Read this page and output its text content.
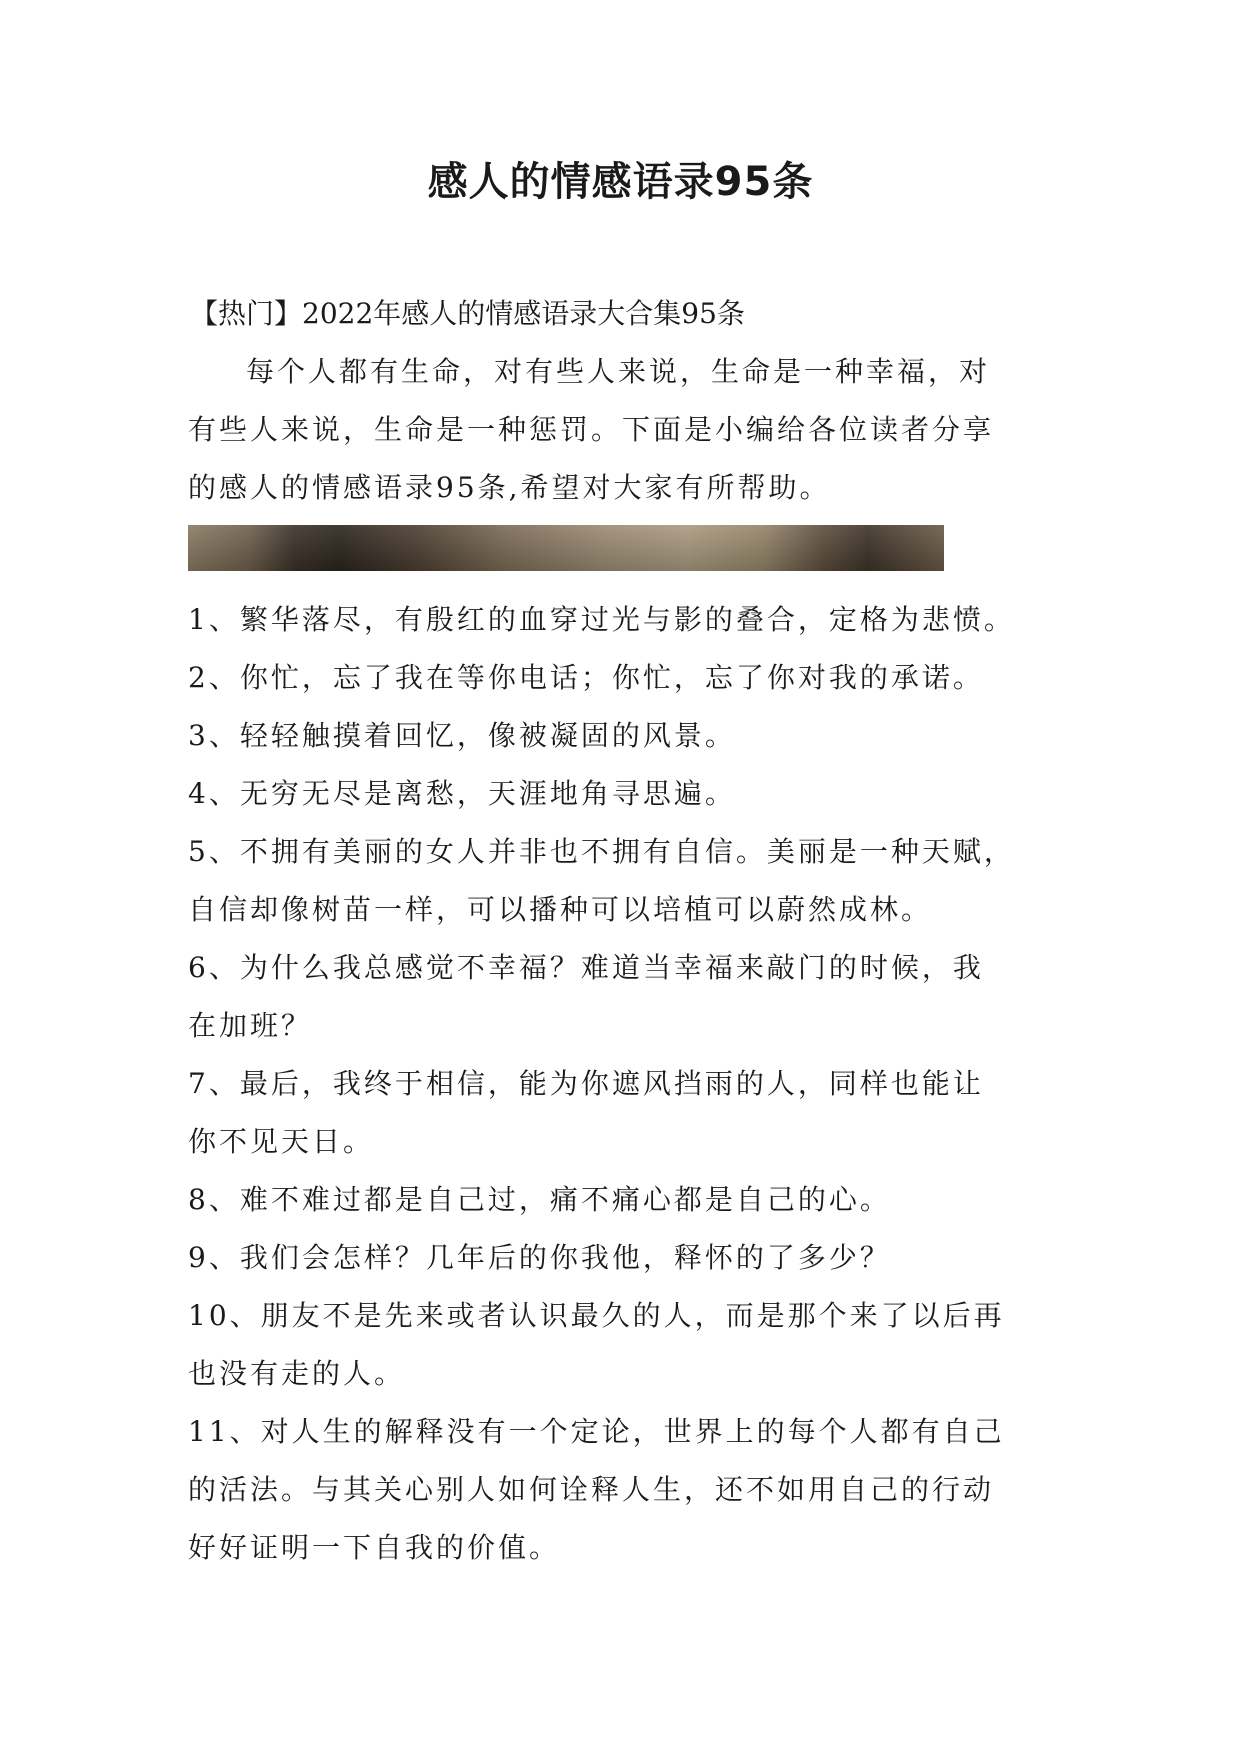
感人的情感语录95条
【热门】2022年感人的情感语录大合集95条
每个人都有生命，对有些人来说，生命是一种幸福，对
有些人来说，生命是一种惩罚。下面是小编给各位读者分享
的感人的情感语录95条,希望对大家有所帮助。
1、繁华落尽，有殷红的血穿过光与影的叠合，定格为悲愤。
2、你忙，忘了我在等你电话；你忙，忘了你对我的承诺。
3、轻轻触摸着回忆，像被凝固的风景。
4、无穷无尽是离愁，天涯地角寻思遍。
5、不拥有美丽的女人并非也不拥有自信。美丽是一种天赋，
自信却像树苗一样，可以播种可以培植可以蔚然成林。
6、为什么我总感觉不幸福？难道当幸福来敲门的时候，我
在加班？
7、最后，我终于相信，能为你遮风挡雨的人，同样也能让
你不见天日。
8、难不难过都是自己过，痛不痛心都是自己的心。
9、我们会怎样？几年后的你我他，释怀的了多少？
10、朋友不是先来或者认识最久的人，而是那个来了以后再
也没有走的人。
11、对人生的解释没有一个定论，世界上的每个人都有自己
的活法。与其关心别人如何诠释人生，还不如用自己的行动
好好证明一下自我的价值。
